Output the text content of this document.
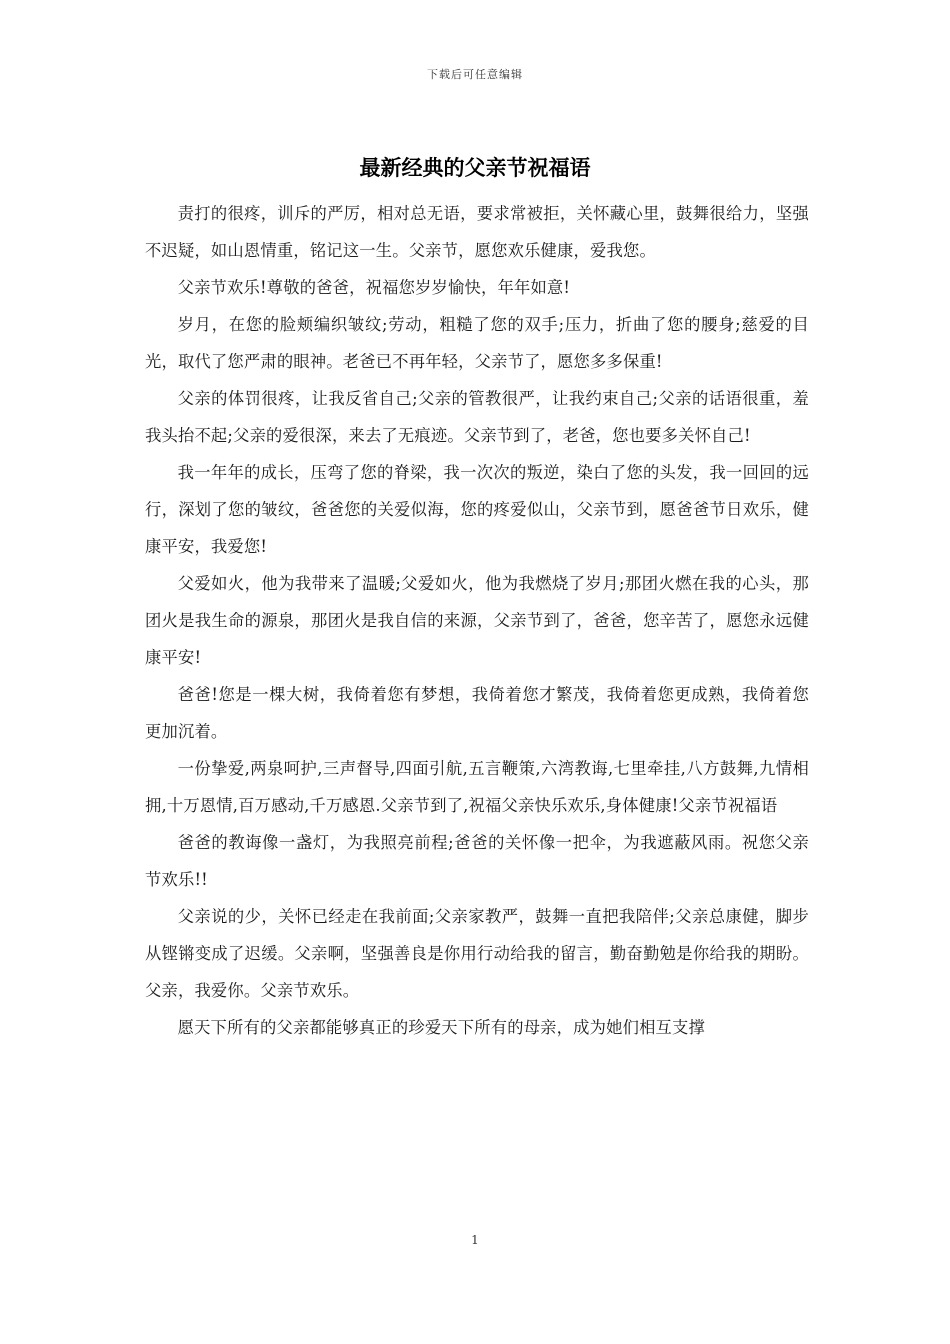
下载后可任意编辑
最新经典的父亲节祝福语

责打的很疼，训斥的严厉，相对总无语，要求常被拒，关怀藏心里，鼓舞很给力，坚强不迟疑，如山恩情重，铭记这一生。父亲节，愿您欢乐健康，爱我您。

父亲节欢乐!尊敬的爸爸，祝福您岁岁愉快，年年如意!

岁月，在您的脸颊编织皱纹;劳动，粗糙了您的双手;压力，折曲了您的腰身;慈爱的目光，取代了您严肃的眼神。老爸已不再年轻，父亲节了，愿您多多保重!

父亲的体罚很疼，让我反省自己;父亲的管教很严，让我约束自己;父亲的话语很重，羞我头抬不起;父亲的爱很深，来去了无痕迹。父亲节到了，老爸，您也要多关怀自己!

我一年年的成长，压弯了您的脊梁，我一次次的叛逆，染白了您的头发，我一回回的远行，深划了您的皱纹，爸爸您的关爱似海，您的疼爱似山，父亲节到，愿爸爸节日欢乐，健康平安，我爱您!

父爱如火，他为我带来了温暖;父爱如火，他为我燃烧了岁月;那团火燃在我的心头，那团火是我生命的源泉，那团火是我自信的来源，父亲节到了，爸爸，您辛苦了，愿您永远健康平安!

爸爸!您是一棵大树，我倚着您有梦想，我倚着您才繁茂，我倚着您更成熟，我倚着您更加沉着。

一份挚爱,两泉呵护,三声督导,四面引航,五言鞭策,六湾教诲,七里牵挂,八方鼓舞,九情相拥,十万恩情,百万感动,千万感恩.父亲节到了,祝福父亲快乐欢乐,身体健康!父亲节祝福语

爸爸的教诲像一盏灯，为我照亮前程;爸爸的关怀像一把伞，为我遮蔽风雨。祝您父亲节欢乐!!

父亲说的少，关怀已经走在我前面;父亲家教严，鼓舞一直把我陪伴;父亲总康健，脚步从铿锵变成了迟缓。父亲啊，坚强善良是你用行动给我的留言，勤奋勤勉是你给我的期盼。父亲，我爱你。父亲节欢乐。

愿天下所有的父亲都能够真正的珍爱天下所有的母亲，成为她们相互支撑

1
